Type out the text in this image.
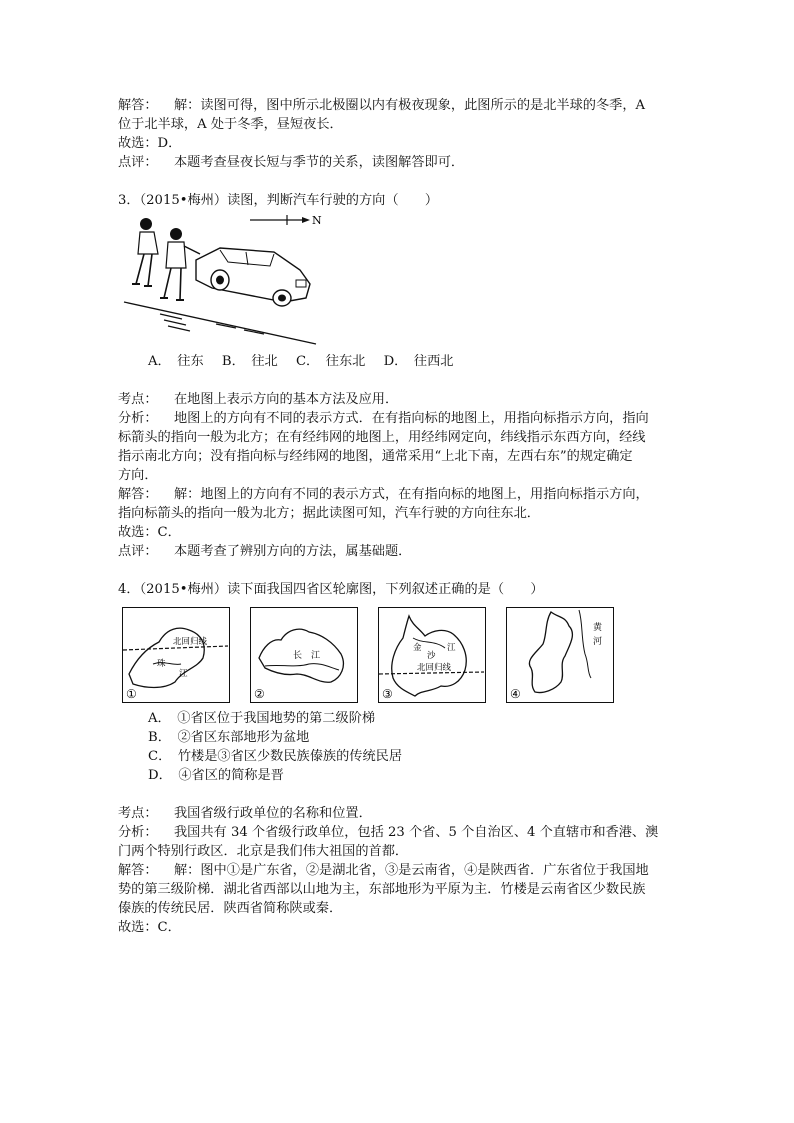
解答：	解：读图可得，图中所示北极圈以内有极夜现象，此图所示的是北半球的冬季，A
位于北半球，A 处于冬季，昼短夜长．
故选：D．
点评：	本题考查昼夜长短与季节的关系，读图解答即可．
3．（2015•梅州）读图，判断汽车行驶的方向（　　）
N
A．　往东 B．　往北 C．　往东北 D．　往西北
考点：	在地图上表示方向的基本方法及应用．
分析：	地图上的方向有不同的表示方式．在有指向标的地图上，用指向标指示方向，指向
标箭头的指向一般为北方；在有经纬网的地图上，用经纬网定向，纬线指示东西方向，经线
指示南北方向；没有指向标与经纬网的地图，通常采用“上北下南，左西右东”的规定确定
方向．
解答：	解：地图上的方向有不同的表示方式，在有指向标的地图上，用指向标指示方向，
指向标箭头的指向一般为北方；据此读图可知，汽车行驶的方向往东北．
故选：C．
点评：	本题考查了辨别方向的方法，属基础题．
4．（2015•梅州）读下面我国四省区轮廓图，下列叙述正确的是（　　）
北回归线
珠
江
①
长　江
②
金
沙
江
北回归线
③
黄
河
④
A．　①省区位于我国地势的第二级阶梯
B．　②省区东部地形为盆地
C．　竹楼是③省区少数民族傣族的传统民居
D．　④省区的简称是晋
考点：	我国省级行政单位的名称和位置．
分析：	我国共有 34 个省级行政单位，包括 23 个省、5 个自治区、4 个直辖市和香港、澳
门两个特别行政区．北京是我们伟大祖国的首都．
解答：	解：图中①是广东省，②是湖北省，③是云南省，④是陕西省．广东省位于我国地
势的第三级阶梯．湖北省西部以山地为主，东部地形为平原为主．竹楼是云南省区少数民族
傣族的传统民居．陕西省简称陕或秦．
故选：C．
